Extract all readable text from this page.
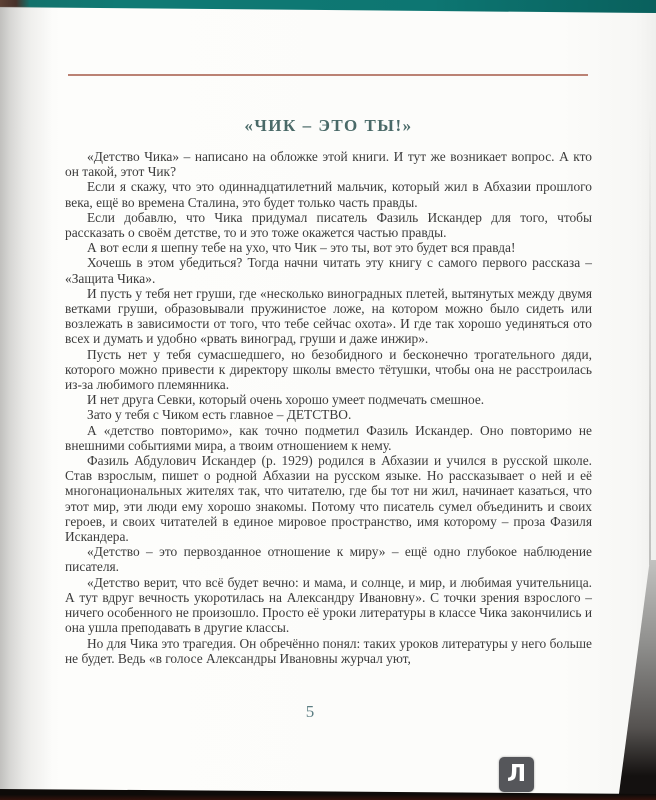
«ЧИК – ЭТО ТЫ!»

«Детство Чика» – написано на обложке этой книги. И тут же возникает вопрос. А кто он такой, этот Чик?

Если я скажу, что это одиннадцатилетний мальчик, который жил в Абхазии прошлого века, ещё во времена Сталина, это будет только часть правды.

Если добавлю, что Чика придумал писатель Фазиль Искандер для того, чтобы рассказать о своём детстве, то и это тоже окажется частью правды.

А вот если я шепну тебе на ухо, что Чик – это ты, вот это будет вся правда!

Хочешь в этом убедиться? Тогда начни читать эту книгу с самого первого рассказа – «Защита Чика».

И пусть у тебя нет груши, где «несколько виноградных плетей, вытянутых между двумя ветками груши, образовывали пружинистое ложе, на котором можно было сидеть или возлежать в зависимости от того, что тебе сейчас охота». И где так хорошо уединяться ото всех и думать и удобно «рвать виноград, груши и даже инжир».

Пусть нет у тебя сумасшедшего, но безобидного и бесконечно трогательного дяди, которого можно привести к директору школы вместо тётушки, чтобы она не расстроилась из-за любимого племянника.

И нет друга Севки, который очень хорошо умеет подмечать смешное.

Зато у тебя с Чиком есть главное – ДЕТСТВО.

А «детство повторимо», как точно подметил Фазиль Искандер. Оно повторимо не внешними событиями мира, а твоим отношением к нему.

Фазиль Абдулович Искандер (р. 1929) родился в Абхазии и учился в русской школе. Став взрослым, пишет о родной Абхазии на русском языке. Но рассказывает о ней и её многонациональных жителях так, что читателю, где бы тот ни жил, начинает казаться, что этот мир, эти люди ему хорошо знакомы. Потому что писатель сумел объединить и своих героев, и своих читателей в единое мировое пространство, имя которому – проза Фазиля Искандера.

«Детство – это первозданное отношение к миру» – ещё одно глубокое наблюдение писателя.

«Детство верит, что всё будет вечно: и мама, и солнце, и мир, и любимая учительница. А тут вдруг вечность укоротилась на Александру Ивановну». С точки зрения взрослого – ничего особенного не произошло. Просто её уроки литературы в классе Чика закончились и она ушла преподавать в другие классы.

Но для Чика это трагедия. Он обречённо понял: таких уроков литературы у него больше не будет. Ведь «в голосе Александры Ивановны журчал уют,

5
Л
